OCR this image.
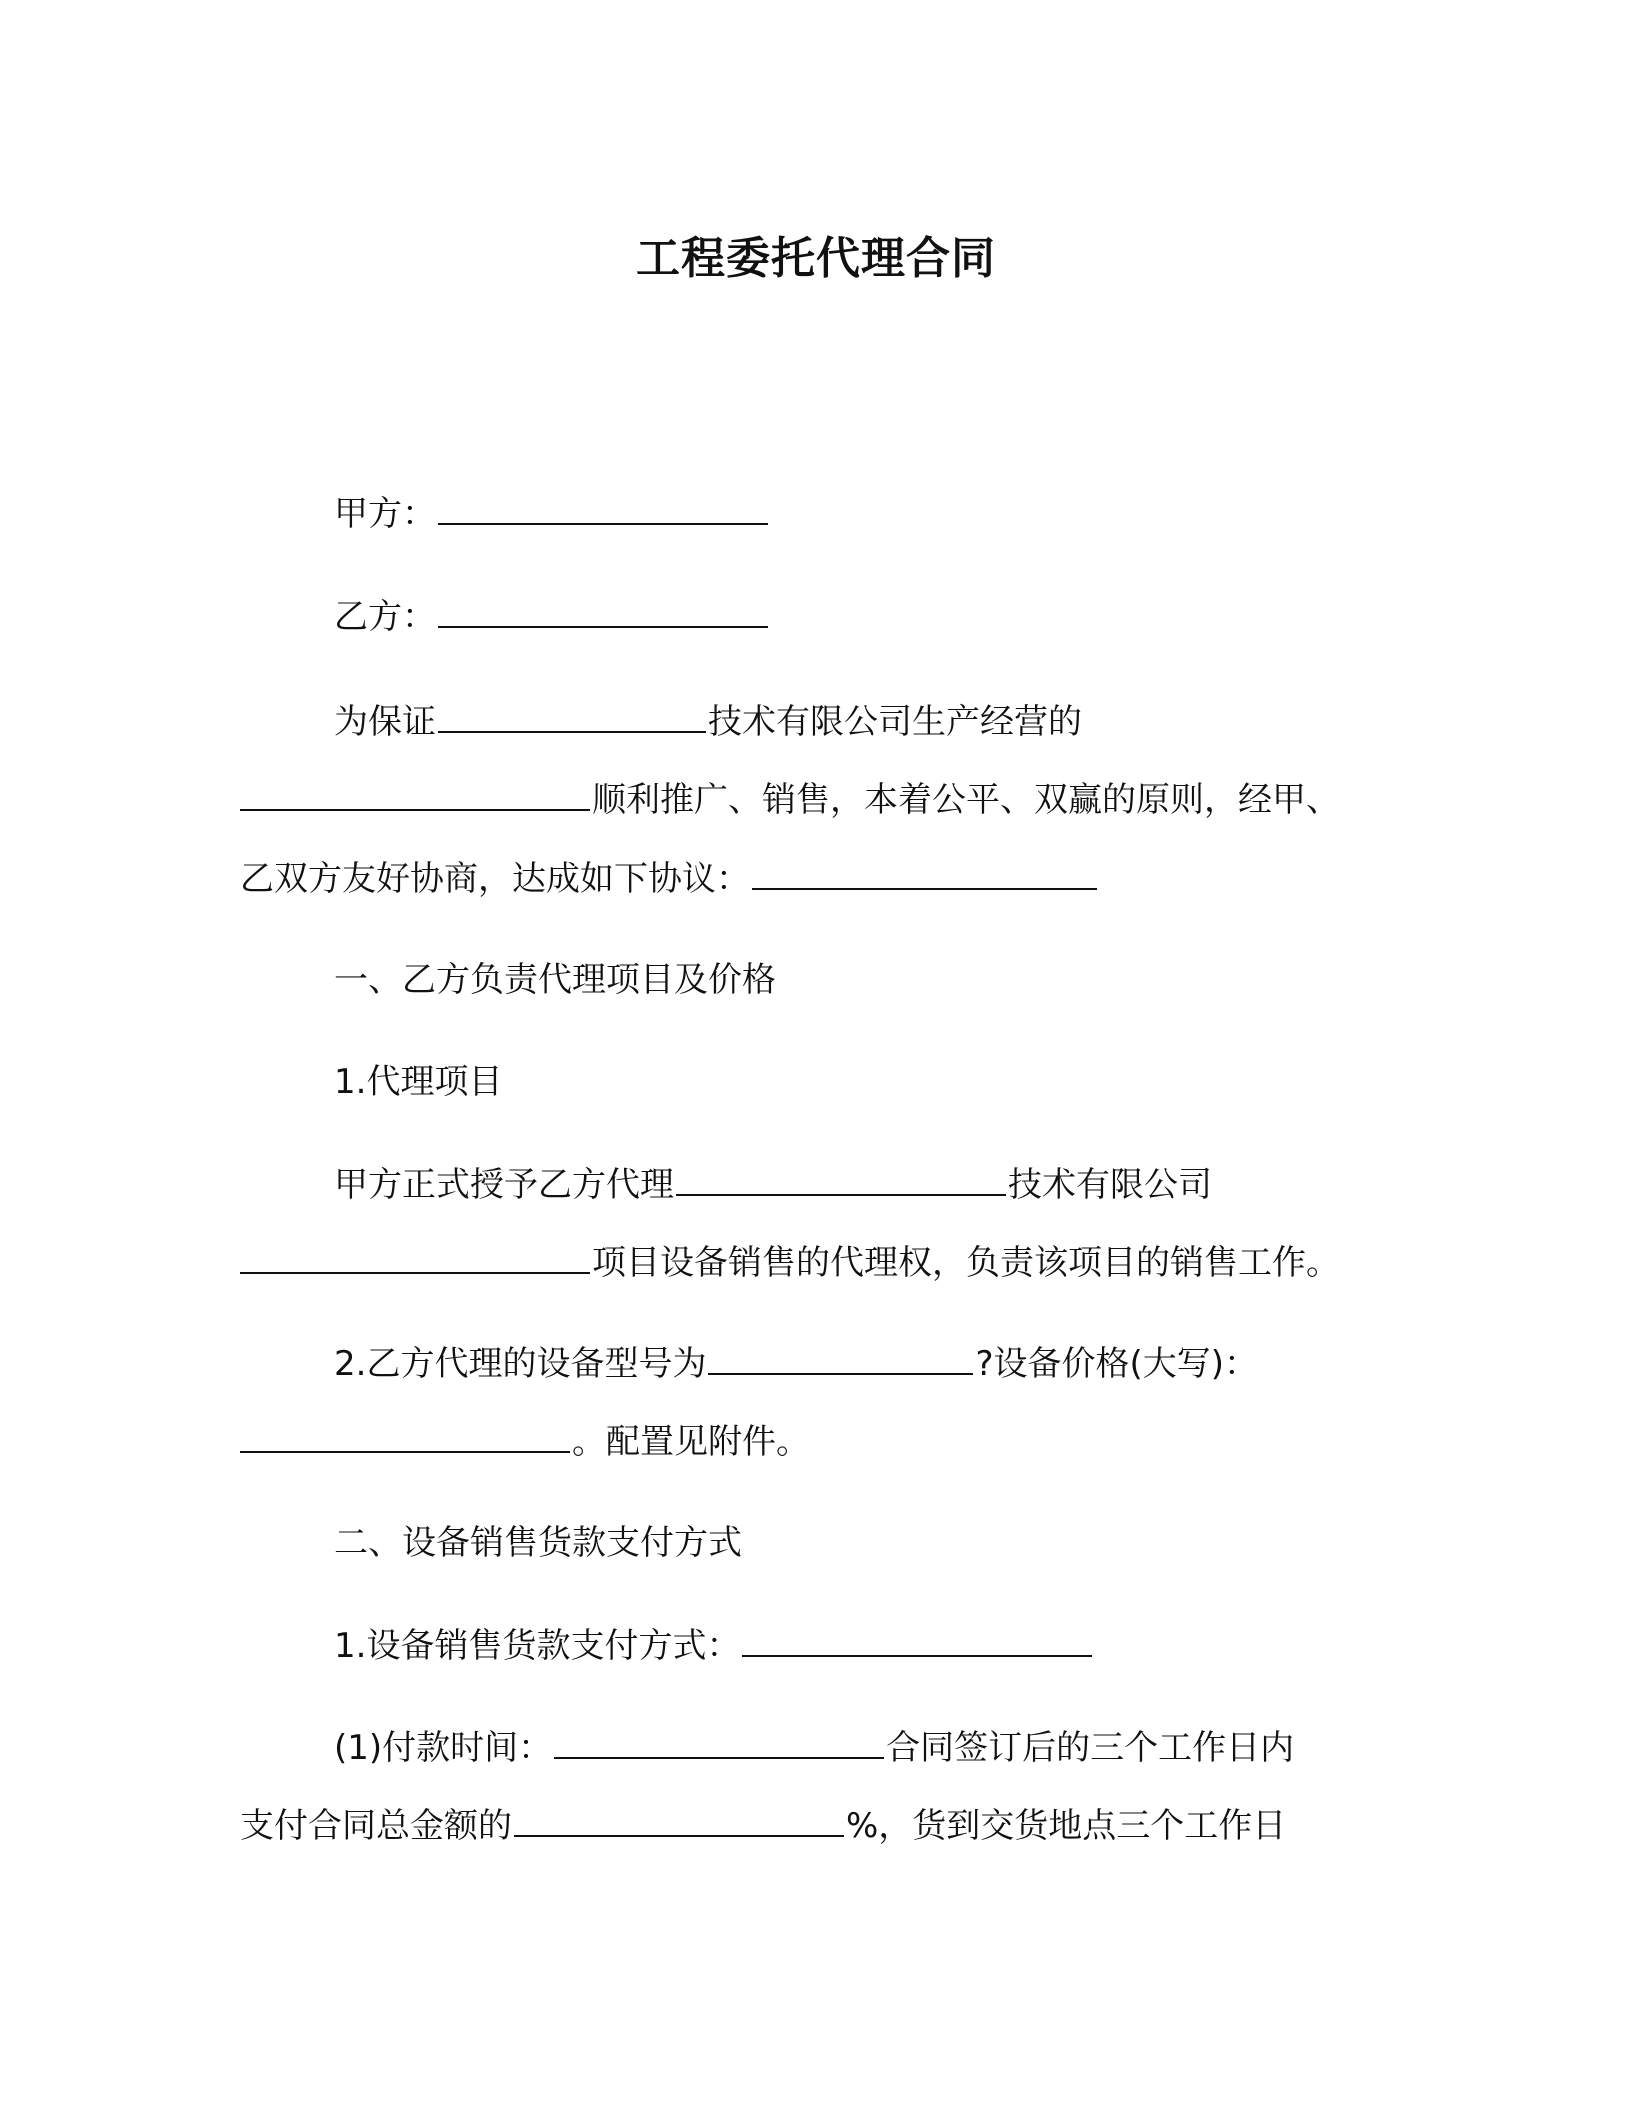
工程委托代理合同
甲方：
乙方：
为保证	技术有限公司生产经营的
顺利推广、销售，本着公平、双赢的原则，经甲、
乙双方友好协商，达成如下协议：
一、乙方负责代理项目及价格
1.代理项目
甲方正式授予乙方代理	技术有限公司
项目设备销售的代理权，负责该项目的销售工作。
2.乙方代理的设备型号为	?设备价格(大写)：
。配置见附件。
二、设备销售货款支付方式
1.设备销售货款支付方式：
(1)付款时间：	合同签订后的三个工作日内
支付合同总金额的	%，货到交货地点三个工作日
